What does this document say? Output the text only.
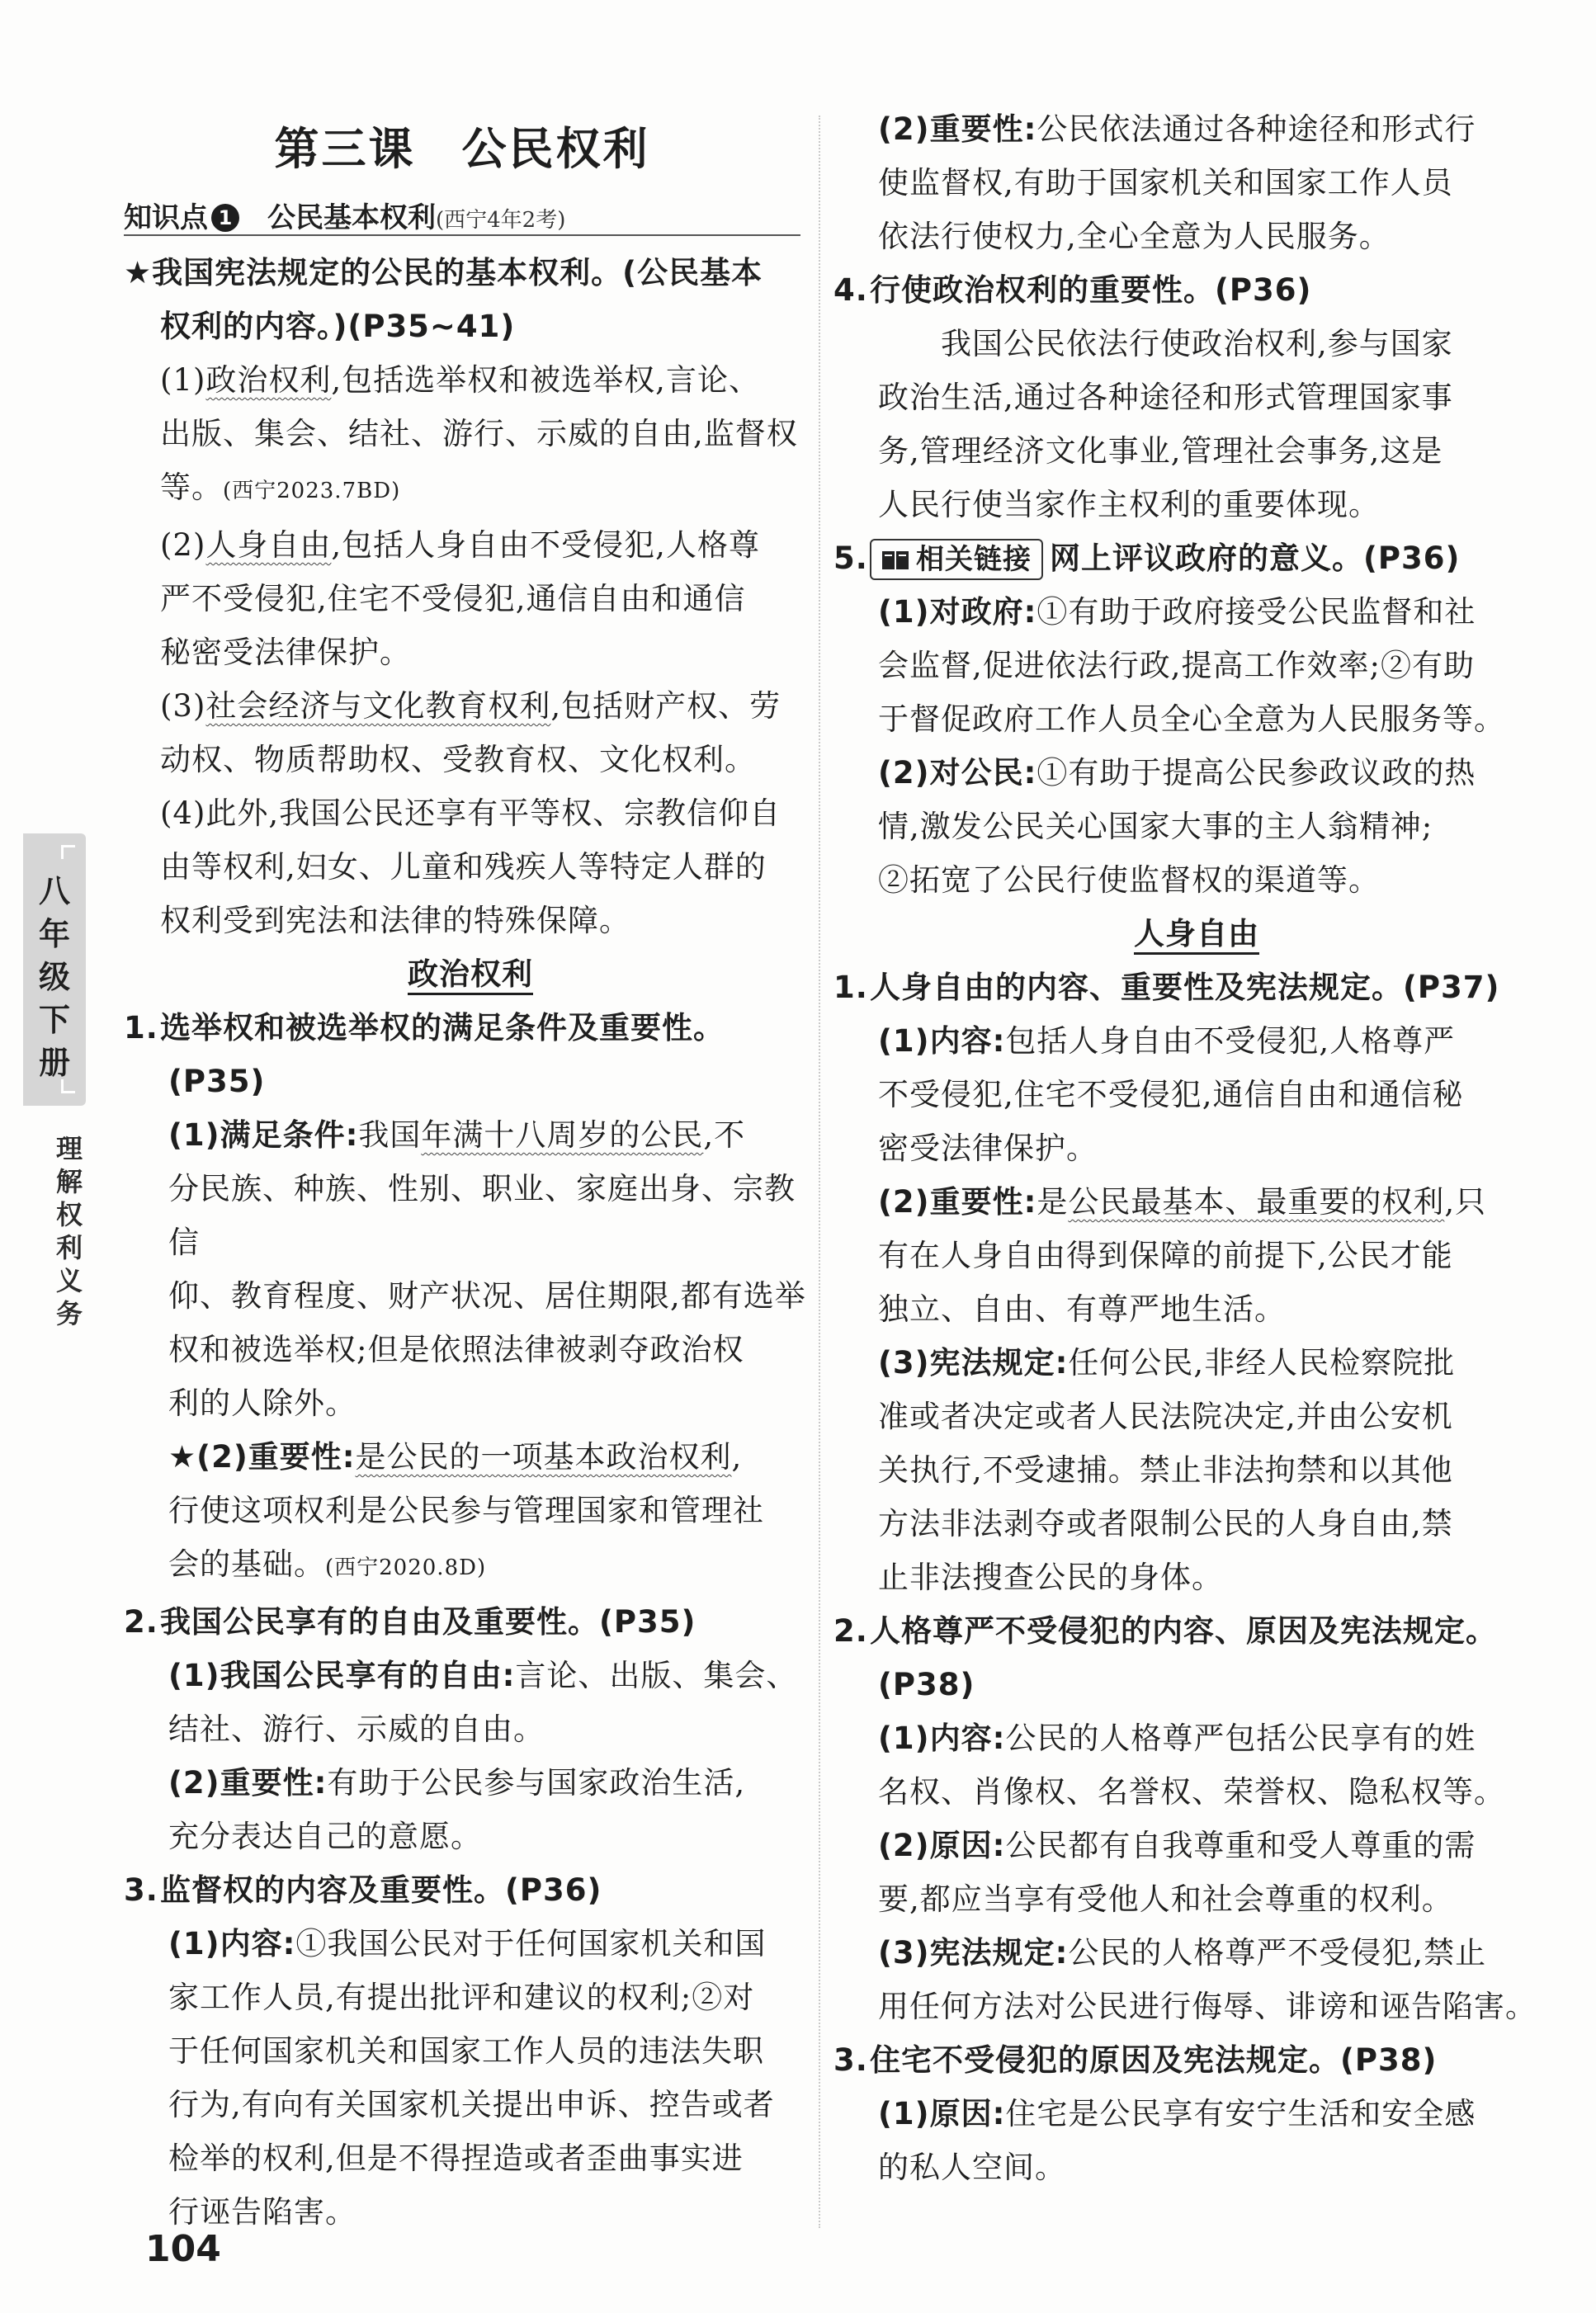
八
年
级
下
册
理
解
权
利
义
务
第三课 公民权利
知识点 1 公民基本权利(西宁4年2考)

★我国宪法规定的公民的基本权利。(公民基本

权利的内容。)(P35~41)

(1)政治权利,包括选举权和被选举权,言论、

出版、集会、结社、游行、示威的自由,监督权

等。(西宁2023.7BD)

(2)人身自由,包括人身自由不受侵犯,人格尊

严不受侵犯,住宅不受侵犯,通信自由和通信

秘密受法律保护。

(3)社会经济与文化教育权利,包括财产权、劳

动权、物质帮助权、受教育权、文化权利。

(4)此外,我国公民还享有平等权、宗教信仰自

由等权利,妇女、儿童和残疾人等特定人群的

权利受到宪法和法律的特殊保障。

政治权利

1.选举权和被选举权的满足条件及重要性。

(P35)

(1)满足条件:我国年满十八周岁的公民,不

分民族、种族、性别、职业、家庭出身、宗教信

仰、教育程度、财产状况、居住期限,都有选举

权和被选举权;但是依照法律被剥夺政治权

利的人除外。

★(2)重要性:是公民的一项基本政治权利,

行使这项权利是公民参与管理国家和管理社

会的基础。(西宁2020.8D)

2.我国公民享有的自由及重要性。(P35)

(1)我国公民享有的自由:言论、出版、集会、

结社、游行、示威的自由。

(2)重要性:有助于公民参与国家政治生活,

充分表达自己的意愿。

3.监督权的内容及重要性。(P36)

(1)内容:①我国公民对于任何国家机关和国

家工作人员,有提出批评和建议的权利;②对

于任何国家机关和国家工作人员的违法失职

行为,有向有关国家机关提出申诉、控告或者

检举的权利,但是不得捏造或者歪曲事实进

行诬告陷害。

(2)重要性:公民依法通过各种途径和形式行

使监督权,有助于国家机关和国家工作人员

依法行使权力,全心全意为人民服务。

4.行使政治权利的重要性。(P36)

我国公民依法行使政治权利,参与国家

政治生活,通过各种途径和形式管理国家事

务,管理经济文化事业,管理社会事务,这是

人民行使当家作主权利的重要体现。

5. 相关链接 网上评议政府的意义。(P36)

(1)对政府:①有助于政府接受公民监督和社

会监督,促进依法行政,提高工作效率;②有助

于督促政府工作人员全心全意为人民服务等。

(2)对公民:①有助于提高公民参政议政的热

情,激发公民关心国家大事的主人翁精神;

②拓宽了公民行使监督权的渠道等。

人身自由

1.人身自由的内容、重要性及宪法规定。(P37)

(1)内容:包括人身自由不受侵犯,人格尊严

不受侵犯,住宅不受侵犯,通信自由和通信秘

密受法律保护。

(2)重要性:是公民最基本、最重要的权利,只

有在人身自由得到保障的前提下,公民才能

独立、自由、有尊严地生活。

(3)宪法规定:任何公民,非经人民检察院批

准或者决定或者人民法院决定,并由公安机

关执行,不受逮捕。禁止非法拘禁和以其他

方法非法剥夺或者限制公民的人身自由,禁

止非法搜查公民的身体。

2.人格尊严不受侵犯的内容、原因及宪法规定。

(P38)

(1)内容:公民的人格尊严包括公民享有的姓

名权、肖像权、名誉权、荣誉权、隐私权等。

(2)原因:公民都有自我尊重和受人尊重的需

要,都应当享有受他人和社会尊重的权利。

(3)宪法规定:公民的人格尊严不受侵犯,禁止

用任何方法对公民进行侮辱、诽谤和诬告陷害。

3.住宅不受侵犯的原因及宪法规定。(P38)

(1)原因:住宅是公民享有安宁生活和安全感

的私人空间。

104
